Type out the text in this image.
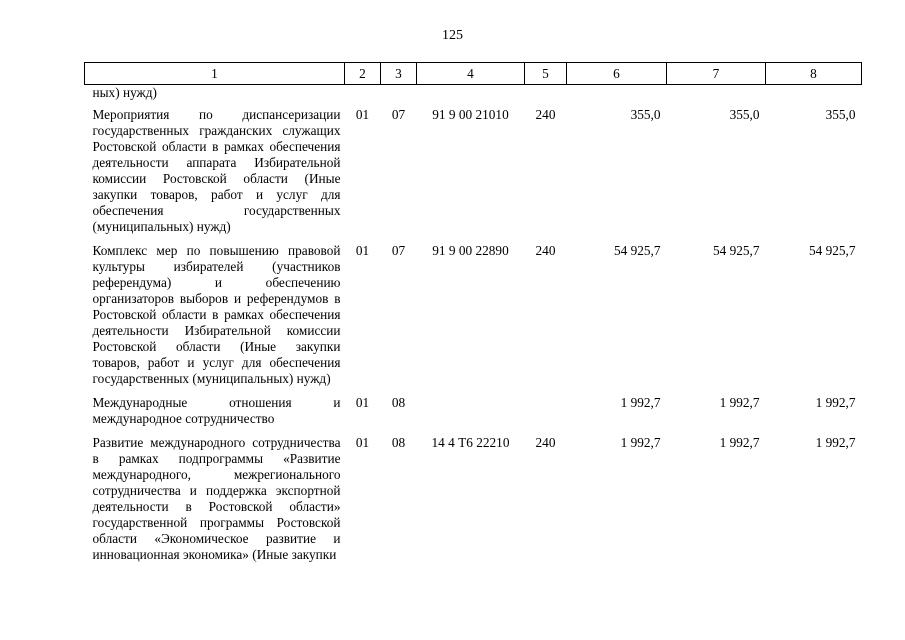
125
1	2	3	4	5	6	7	8
ных) нужд)							
Мероприятия по диспансеризации государственных гражданских служащих Ростовской области в рамках обеспечения деятельности аппарата Избирательной комиссии Ростовской области (Иные закупки товаров, работ и услуг для обеспечения государственных (муниципальных) нужд)	01	07	91 9 00 21010	240	355,0	355,0	355,0
Комплекс мер по повышению правовой культуры избирателей (участников референдума) и обеспечению организаторов выборов и референдумов в Ростовской области в рамках обеспечения деятельности Избирательной комиссии Ростовской области (Иные закупки товаров, работ и услуг для обеспечения государственных (муниципальных) нужд)	01	07	91 9 00 22890	240	54 925,7	54 925,7	54 925,7
Международные отношения и международное сотрудничество	01	08			1 992,7	1 992,7	1 992,7
Развитие международного сотрудничества в рамках подпрограммы «Развитие международного, межрегионального сотрудничества и поддержка экспортной деятельности в Ростовской области» государственной программы Ростовской области «Экономическое развитие и инновационная экономика» (Иные закупки	01	08	14 4 Т6 22210	240	1 992,7	1 992,7	1 992,7
